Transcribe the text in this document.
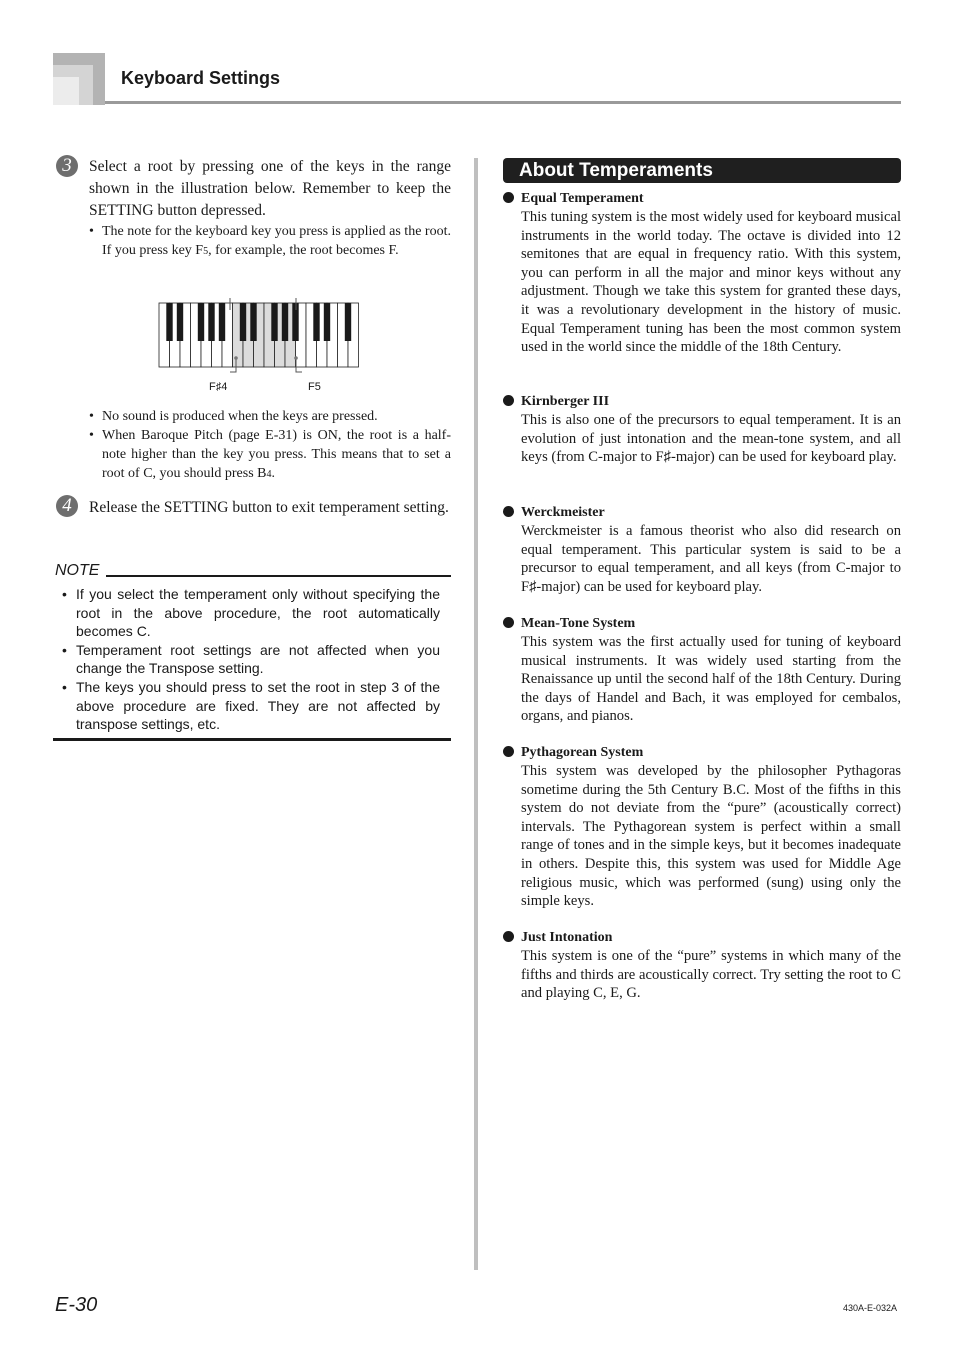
Keyboard Settings
3	Select a root by pressing one of the keys in the range shown in the illustration below. Remember to keep the SETTING button depressed.
• The note for the keyboard key you press is applied as the root. If you press key F5, for example, the root becomes F.
F♯4	F5
• No sound is produced when the keys are pressed.
• When Baroque Pitch (page E-31) is ON, the root is a half-note higher than the key you press. This means that to set a root of C, you should press B4.
4	Release the SETTING button to exit temperament setting.
NOTE
• If you select the temperament only without specifying the root in the above procedure, the root automatically becomes C.
• Temperament root settings are not affected when you change the Transpose setting.
• The keys you should press to set the root in step 3 of the above procedure are fixed. They are not affected by transpose settings, etc.
About Temperaments
Equal Temperament
This tuning system is the most widely used for keyboard musical instruments in the world today. The octave is divided into 12 semitones that are equal in frequency ratio. With this system, you can perform in all the major and minor keys without any adjustment. Though we take this system for granted these days, it was a revolutionary development in the history of music. Equal Temperament tuning has been the most common system used in the world since the middle of the 18th Century.
Kirnberger III
This is also one of the precursors to equal temperament. It is an evolution of just intonation and the mean-tone system, and all keys (from C-major to F♯-major) can be used for keyboard play.
Werckmeister
Werckmeister is a famous theorist who also did research on equal temperament. This particular system is said to be a precursor to equal temperament, and all keys (from C-major to F♯-major) can be used for keyboard play.
Mean-Tone System
This system was the first actually used for tuning of keyboard musical instruments. It was widely used starting from the Renaissance up until the second half of the 18th Century. During the days of Handel and Bach, it was employed for cembalos, organs, and pianos.
Pythagorean System
This system was developed by the philosopher Pythagoras sometime during the 5th Century B.C. Most of the fifths in this system do not deviate from the “pure” (acoustically correct) intervals. The Pythagorean system is perfect within a small range of tones and in the simple keys, but it becomes inadequate in others. Despite this, this system was used for Middle Age religious music, which was performed (sung) using only the simple keys.
Just Intonation
This system is one of the “pure” systems in which many of the fifths and thirds are acoustically correct. Try setting the root to C and playing C, E, G.
E-30	430A-E-032A
